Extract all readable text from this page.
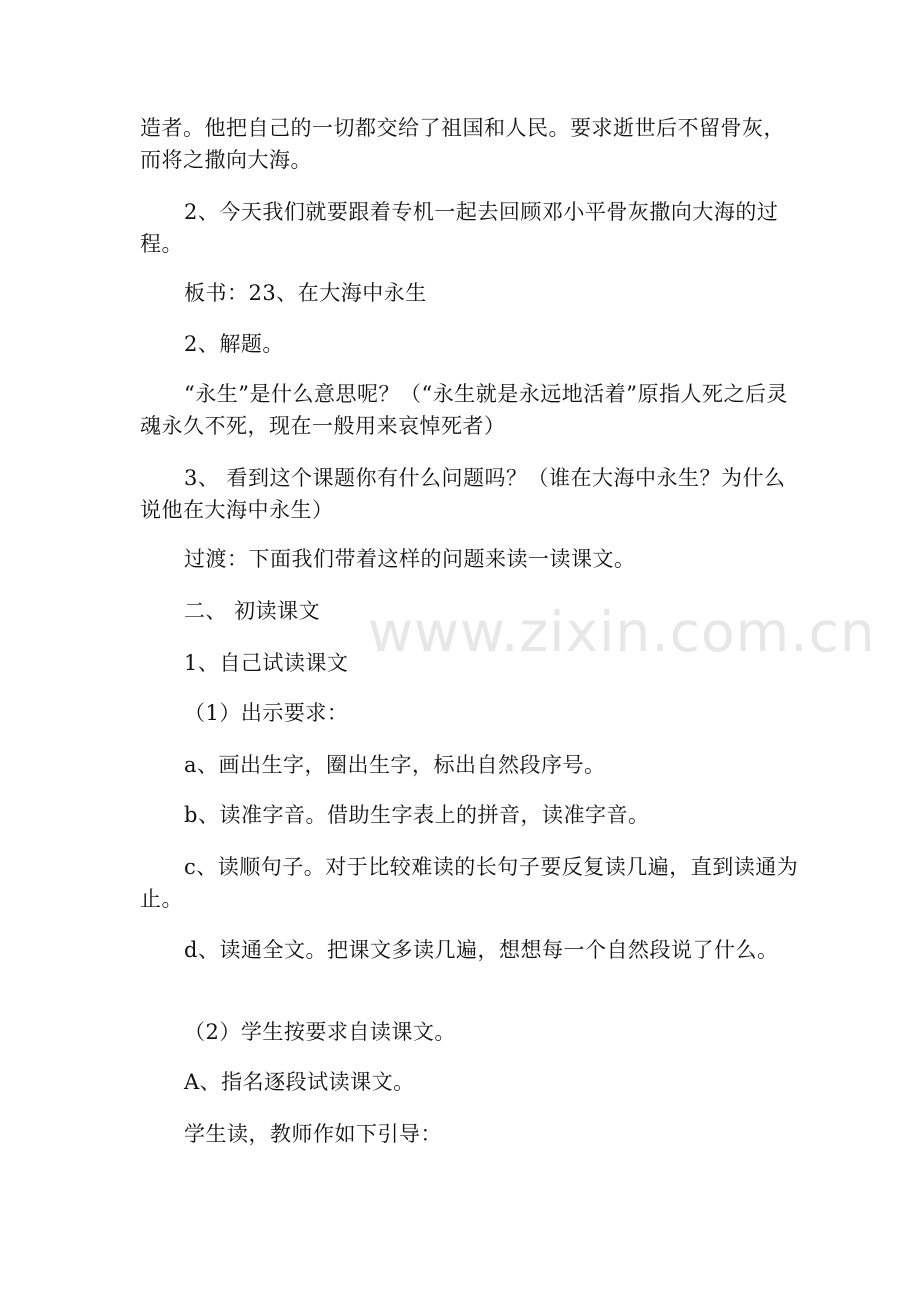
造者。他把自己的一切都交给了祖国和人民。要求逝世后不留骨灰，而将之撒向大海。
2、今天我们就要跟着专机一起去回顾邓小平骨灰撒向大海的过程。
板书：23、在大海中永生
2、解题。
“永生”是什么意思呢？（“永生就是永远地活着”原指人死之后灵魂永久不死，现在一般用来哀悼死者）
3、 看到这个课题你有什么问题吗？（谁在大海中永生？为什么说他在大海中永生）
过渡：下面我们带着这样的问题来读一读课文。
二、 初读课文
1、自己试读课文
（1）出示要求：
a、画出生字，圈出生字，标出自然段序号。
b、读准字音。借助生字表上的拼音，读准字音。
c、读顺句子。对于比较难读的长句子要反复读几遍，直到读通为止。
d、读通全文。把课文多读几遍，想想每一个自然段说了什么。
（2）学生按要求自读课文。
A、指名逐段试读课文。
学生读，教师作如下引导：
www.zixin.com.cn
